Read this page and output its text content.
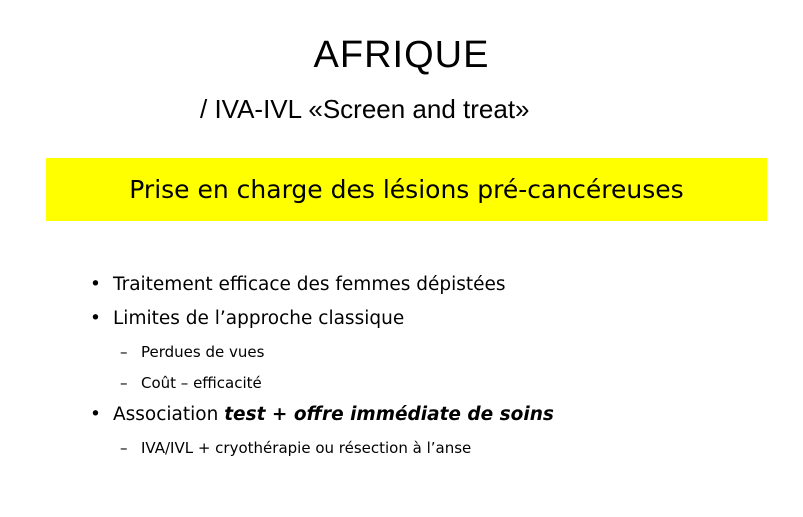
AFRIQUE
/ IVA-IVL «Screen and treat»
Prise en charge des lésions pré-cancéreuses
• Traitement efficace des femmes dépistées
• Limites de l’approche classique
– Perdues de vues
– Coût – efficacité
• Association test + offre immédiate de soins
– IVA/IVL + cryothérapie ou résection à l’anse
